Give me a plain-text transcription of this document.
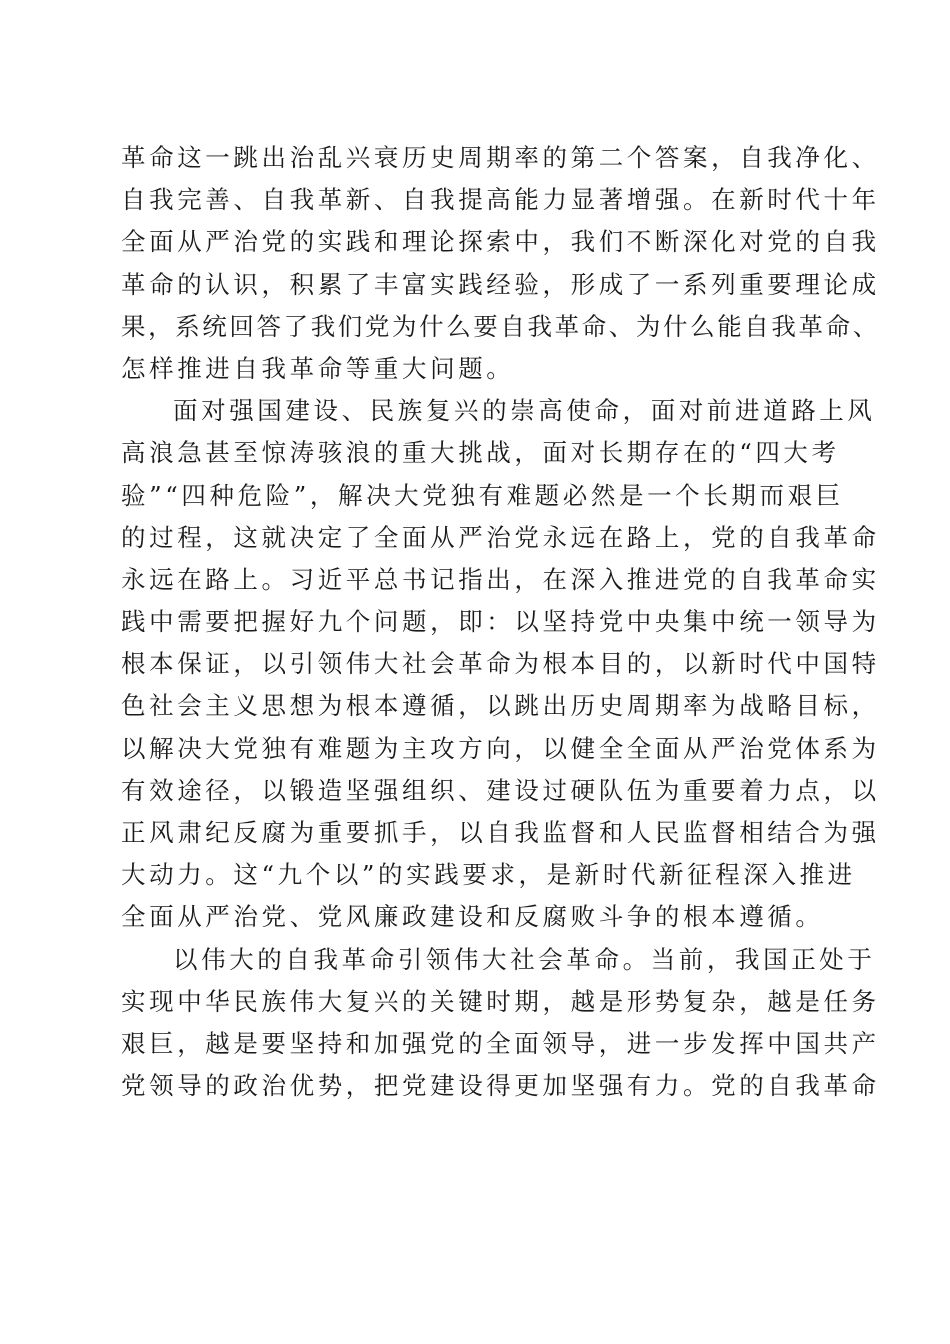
革命这一跳出治乱兴衰历史周期率的第二个答案，自我净化、
自我完善、自我革新、自我提高能力显著增强。在新时代十年
全面从严治党的实践和理论探索中，我们不断深化对党的自我
革命的认识，积累了丰富实践经验，形成了一系列重要理论成
果，系统回答了我们党为什么要自我革命、为什么能自我革命、
怎样推进自我革命等重大问题。
面对强国建设、民族复兴的崇高使命，面对前进道路上风
高浪急甚至惊涛骇浪的重大挑战，面对长期存在的“四大考
验”“四种危险”，解决大党独有难题必然是一个长期而艰巨
的过程，这就决定了全面从严治党永远在路上，党的自我革命
永远在路上。习近平总书记指出，在深入推进党的自我革命实
践中需要把握好九个问题，即：以坚持党中央集中统一领导为
根本保证，以引领伟大社会革命为根本目的，以新时代中国特
色社会主义思想为根本遵循，以跳出历史周期率为战略目标，
以解决大党独有难题为主攻方向，以健全全面从严治党体系为
有效途径，以锻造坚强组织、建设过硬队伍为重要着力点，以
正风肃纪反腐为重要抓手，以自我监督和人民监督相结合为强
大动力。这“九个以”的实践要求，是新时代新征程深入推进
全面从严治党、党风廉政建设和反腐败斗争的根本遵循。
以伟大的自我革命引领伟大社会革命。当前，我国正处于
实现中华民族伟大复兴的关键时期，越是形势复杂，越是任务
艰巨，越是要坚持和加强党的全面领导，进一步发挥中国共产
党领导的政治优势，把党建设得更加坚强有力。党的自我革命
